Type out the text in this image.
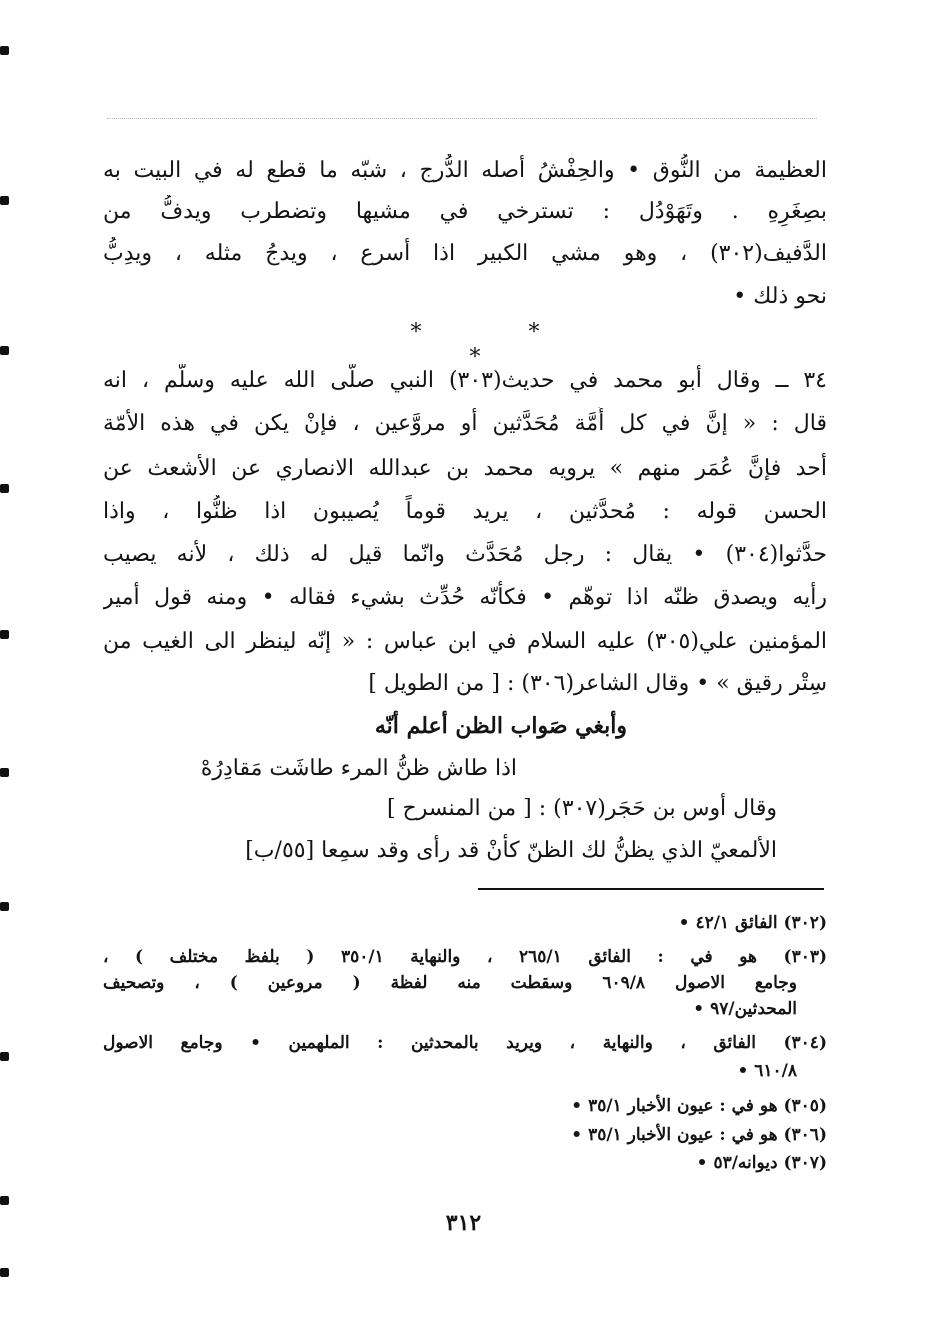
العظيمة من النُّوق • والحِفْشُ أصله الدُّرج ، شبّه ما قطع له في البيت به
بصِغَرِهِ . وتَهَوْدُل : تسترخي في مشيها وتضطرب ويدفُّ من
الدَّفيف(٣٠٢) ، وهو مشي الكبير اذا أسرع ، ويدجُ مثله ، ويدِبُّ
نحو ذلك •
* * *
٣٤ ــ وقال أبو محمد في حديث(٣٠٣) النبي صلّى الله عليه وسلّم ، انه
قال : « إنَّ في كل أُمَّة مُحَدَّثين أو مروَّعين ، فإنْ يكن في هذه الأمّة
أحد فإنَّ عُمَر منهم » يرويه محمد بن عبدالله الانصاري عن الأشعث عن
الحسن قوله : مُحدَّثين ، يريد قوماً يُصيبون اذا ظنُّوا ، واذا
حدَّثوا(٣٠٤) • يقال : رجل مُحَدَّث وانّما قيل له ذلك ، لأنه يصيب
رأيه ويصدق ظنّه اذا توهّم • فكأنّه حُدِّث بشيء فقاله • ومنه قول أمير
المؤمنين علي(٣٠٥) عليه السلام في ابن عباس : « إنّه لينظر الى الغيب من
سِتْر رقيق » • وقال الشاعر(٣٠٦) : [ من الطويل ]
وأبغي صَواب الظن أعلم أنّه
اذا طاش ظنُّ المرء طاشَت مَقادِرُهْ
وقال أوس بن حَجَر(٣٠٧) : [ من المنسرح ]
الألمعيّ الذي يظنُّ لك الظنّ كأنْ قد رأى وقد سمِعا [٥٥/ب]
(٣٠٢) الفائق ٤٢/١ •
(٣٠٣) هو في : الفائق ٢٦٥/١ ، والنهاية ٣٥٠/١ ( بلفظ مختلف ) ،
وجامع الاصول ٦٠٩/٨ وسقطت منه لفظة ( مروعين ) ، وتصحيف
المحدثين/٩٧ •
(٣٠٤) الفائق ، والنهاية ، ويريد بالمحدثين : الملهمين • وجامع الاصول
٦١٠/٨ •
(٣٠٥) هو في : عيون الأخبار ٣٥/١ •
(٣٠٦) هو في : عيون الأخبار ٣٥/١ •
(٣٠٧) ديوانه/٥٣ •
٣١٢
